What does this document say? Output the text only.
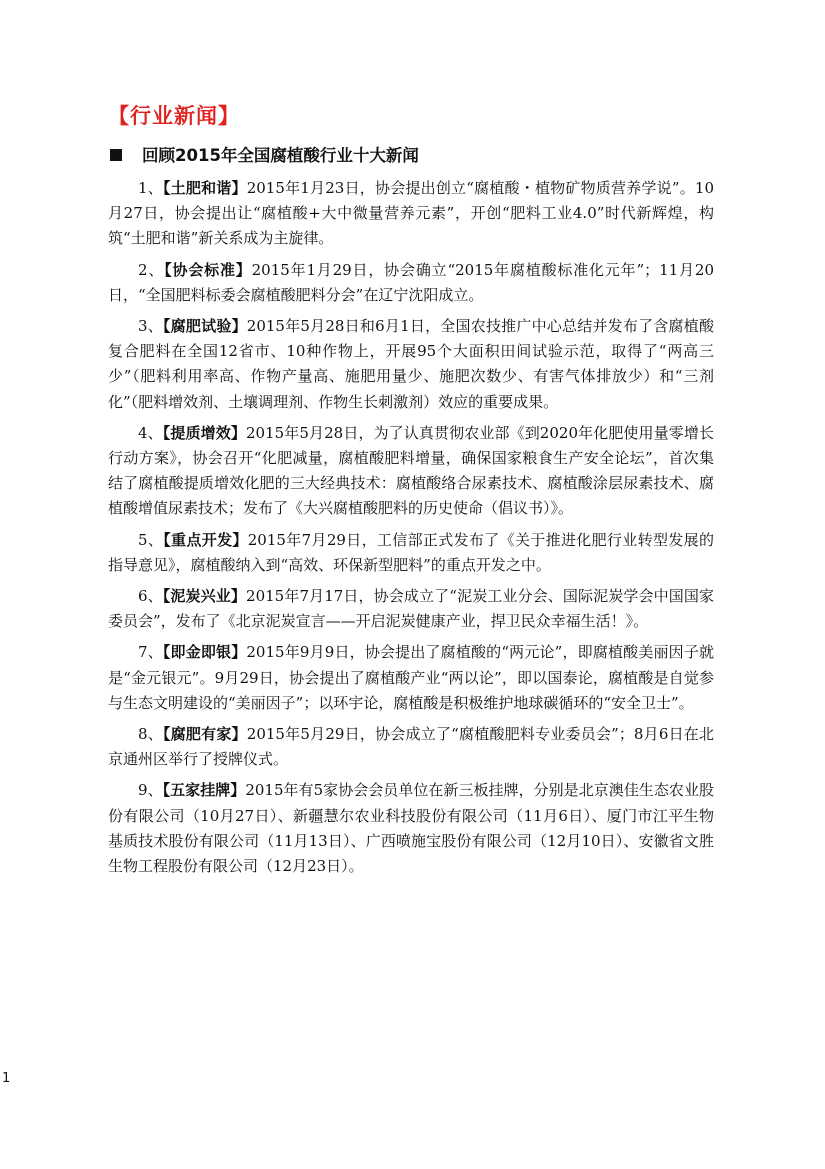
【行业新闻】
回顾2015年全国腐植酸行业十大新闻

1、【土肥和谐】2015年1月23日，协会提出创立“腐植酸・植物矿物质营养学说”。10月27日，协会提出让“腐植酸+大中微量营养元素”，开创“肥料工业4.0”时代新辉煌，构筑“土肥和谐”新关系成为主旋律。

2、【协会标准】2015年1月29日，协会确立“2015年腐植酸标准化元年”；11月20日，“全国肥料标委会腐植酸肥料分会”在辽宁沈阳成立。

3、【腐肥试验】2015年5月28日和6月1日，全国农技推广中心总结并发布了含腐植酸复合肥料在全国12省市、10种作物上，开展95个大面积田间试验示范，取得了“两高三少”（肥料利用率高、作物产量高、施肥用量少、施肥次数少、有害气体排放少）和“三剂化”（肥料增效剂、土壤调理剂、作物生长刺激剂）效应的重要成果。

4、【提质增效】2015年5月28日，为了认真贯彻农业部《到2020年化肥使用量零增长行动方案》，协会召开“化肥减量，腐植酸肥料增量，确保国家粮食生产安全论坛”，首次集结了腐植酸提质增效化肥的三大经典技术：腐植酸络合尿素技术、腐植酸涂层尿素技术、腐植酸增值尿素技术；发布了《大兴腐植酸肥料的历史使命（倡议书）》。

5、【重点开发】2015年7月29日，工信部正式发布了《关于推进化肥行业转型发展的指导意见》，腐植酸纳入到“高效、环保新型肥料”的重点开发之中。

6、【泥炭兴业】2015年7月17日，协会成立了“泥炭工业分会、国际泥炭学会中国国家委员会”，发布了《北京泥炭宣言——开启泥炭健康产业，捍卫民众幸福生活！》。

7、【即金即银】2015年9月9日，协会提出了腐植酸的“两元论”，即腐植酸美丽因子就是“金元银元”。9月29日，协会提出了腐植酸产业“两以论”，即以国泰论，腐植酸是自觉参与生态文明建设的“美丽因子”；以环宇论，腐植酸是积极维护地球碳循环的“安全卫士”。

8、【腐肥有家】2015年5月29日，协会成立了“腐植酸肥料专业委员会”；8月6日在北京通州区举行了授牌仪式。

9、【五家挂牌】2015年有5家协会会员单位在新三板挂牌，分别是北京澳佳生态农业股份有限公司（10月27日）、新疆慧尔农业科技股份有限公司（11月6日）、厦门市江平生物基质技术股份有限公司（11月13日）、广西喷施宝股份有限公司（12月10日）、安徽省文胜生物工程股份有限公司（12月23日）。

1
